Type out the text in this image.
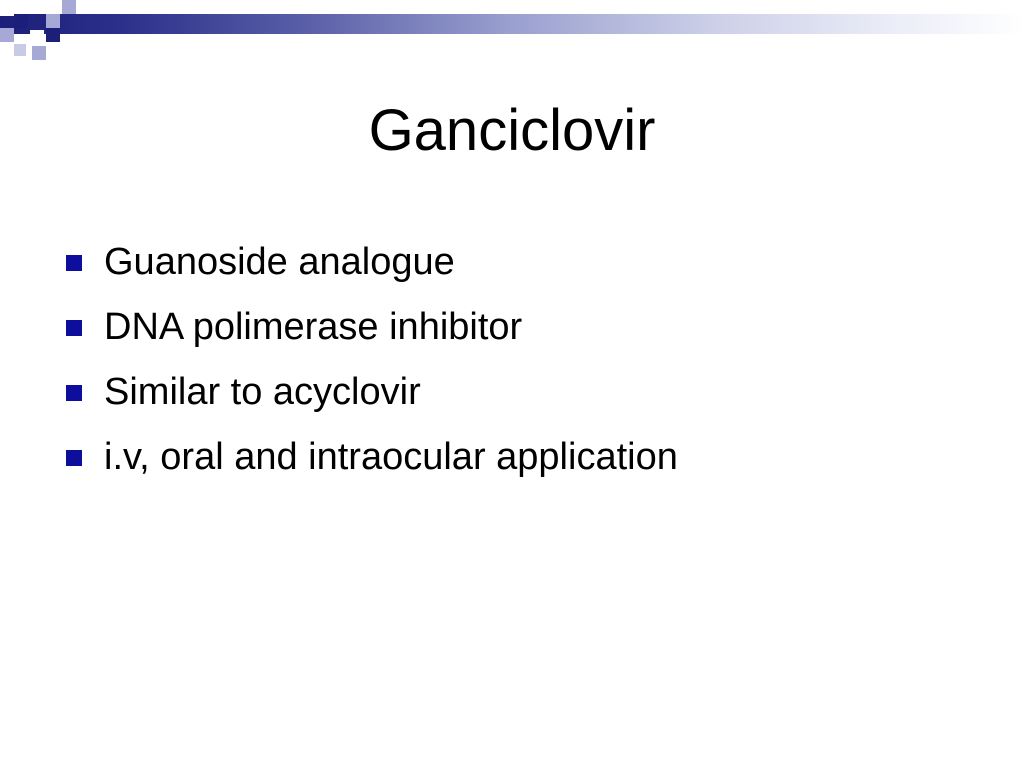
Ganciclovir
Guanoside analogue
DNA polimerase inhibitor
Similar to acyclovir
i.v, oral and intraocular application
